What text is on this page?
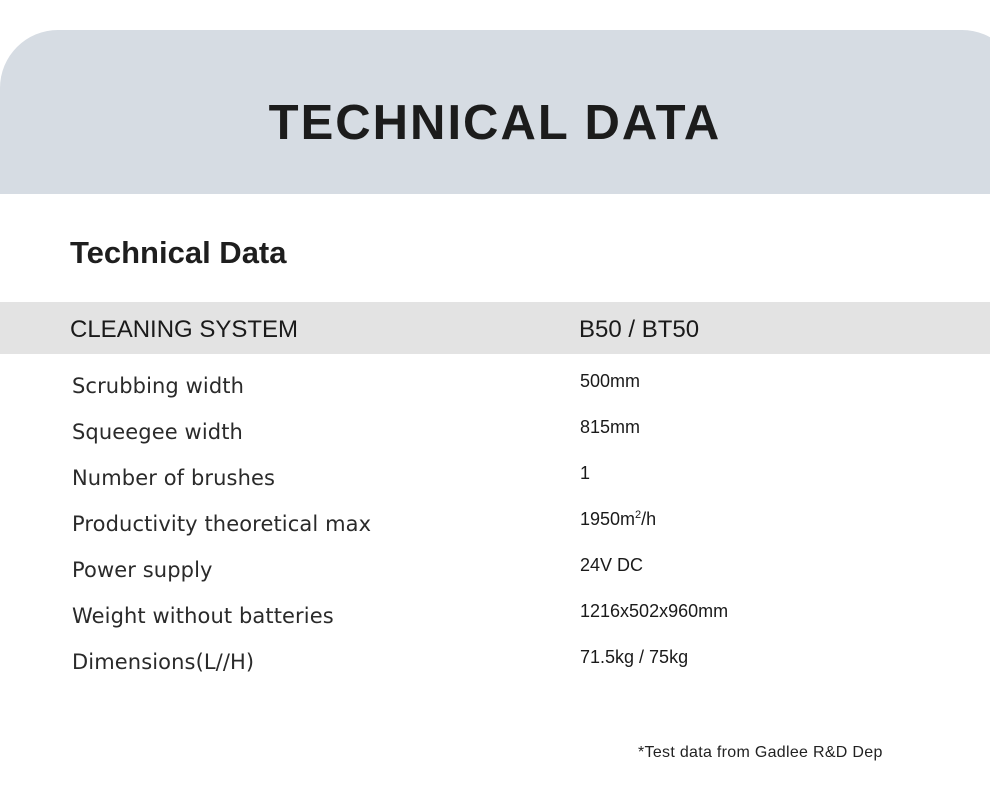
TECHNICAL DATA
Technical Data
CLEANING SYSTEM	B50 / BT50
Scrubbing width	500mm
Squeegee width	815mm
Number of brushes	1
Productivity theoretical max	$1950m^2/h$
Power supply	24V DC
Weight without batteries	1216x502x960mm
Dimensions(L//H)	71.5kg / 75kg
*Test data from Gadlee R&D Dep
